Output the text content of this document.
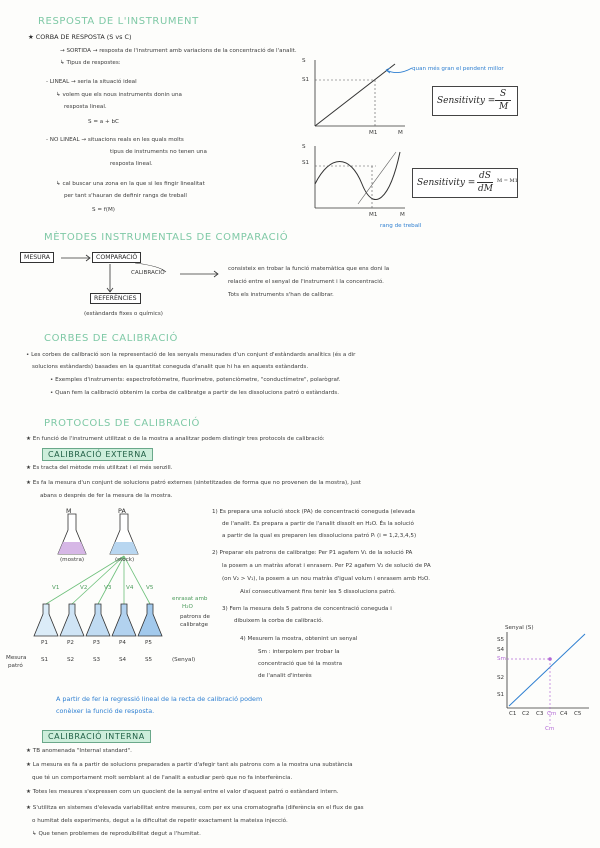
RESPOSTA DE L'INSTRUMENT
★ CORBA DE RESPOSTA (S vs C)
→ SORTIDA → resposta de l'instrument amb variacions de la concentració de l'analit.
↳ Tipus de respostes:
- LINEAL → seria la situació ideal
↳ volem que els nous instruments donin una
resposta lineal.
S = a + bC
- NO LINEAL → situacions reals en les quals molts
tipus de instruments no tenen una
resposta lineal.
↳ cal buscar una zona en la que si les fingir linealitat
per tant s'hauran de definir rangs de treball
S = f(M)
S
S1
M1	M
quan més gran el pendent millor
Sensitivity =
S
M
S
S1
M1	M
rang de treball
Sensitivity =
dS
dM
M = M1
MÈTODES INSTRUMENTALS DE COMPARACIÓ
MESURA	COMPARACIÓ
REFERÈNCIES
(estàndards fixes o químics)
CALIBRACIÓ
consisteix en trobar la funció matemàtica que ens doni la
relació entre el senyal de l'instrument i la concentració.
Tots els instruments s'han de calibrar.
CORBES DE CALIBRACIÓ
• Les corbes de calibració son la representació de les senyals mesurades d'un conjunt d'estàndards analítics (és a dir
solucions estàndards) basades en la quantitat coneguda d'analit que hi ha en aquests estàndards.
• Exemples d'instruments: espectrofotòmetre, fluorímetre, potenciòmetre, "conductímetre", polarògraf.
• Quan fem la calibració obtenim la corba de calibratge a partir de les dissolucions patró o estàndards.
PROTOCOLS DE CALIBRACIÓ
★ En funció de l'instrument utilitzat o de la mostra a analitzar podem distingir tres protocols de calibració:
CALIBRACIÓ EXTERNA
★ Es tracta del mètode més utilitzat i el més senzill.
★ Es fa la mesura d'un conjunt de solucions patró externes (sintetitzades de forma que no provenen de la mostra), just
abans o després de fer la mesura de la mostra.
M	PA
(mostra)	(stock)
V1	V2	V3	V4 V5
enrasat amb
H₂O
patrons de
calibratge
P1	P2	P3	P4	P5
Mesura
patró
S1	S2	S3	S4	S5	(Senyal)
1) Es prepara una solució stock (PA) de concentració coneguda (elevada
de l'analit. Es prepara a partir de l'analit dissolt en H₂O. És la solució
a partir de la qual es preparen les dissolucions patró Pᵢ (i = 1,2,3,4,5)
2) Preparar els patrons de calibratge: Per P1 agafem V₁ de la solució PA
la posem a un matràs aforat i enrasem. Per P2 agafem V₂ de solució de PA
(on V₂ > V₁), la posem a un nou matràs d'igual volum i enrasem amb H₂O.
Així consecutivament fins tenir les 5 dissolucions patró.
3) Fem la mesura dels 5 patrons de concentració coneguda i
dibuixem la corba de calibració.
4) Mesurem la mostra, obtenint un senyal
Sm : interpolem per trobar la
concentració que té la mostra
de l'analit d'interès
Senyal (S)
S5
S4
Sm
S2
S1
C1 C2 C3 Cm C4 C5
Cm
A partir de fer la regressió lineal de la recta de calibració podem
conèixer la funció de resposta.
CALIBRACIÓ INTERNA
★ TB anomenada "Internal standard".
★ La mesura es fa a partir de solucions preparades a partir d'afegir tant als patrons com a la mostra una substància
que té un comportament molt semblant al de l'analit a estudiar però que no fa interferència.
★ Totes les mesures s'expressen com un quocient de la senyal entre el valor d'aquest patró o estàndard intern.
★ S'utilitza en sistemes d'elevada variabilitat entre mesures, com per ex una cromatografia (diferència en el flux de gas
o humitat dels experiments, degut a la dificultat de repetir exactament la mateixa injecció.
↳ Que tenen problemes de reproduïbilitat degut a l'humitat.
